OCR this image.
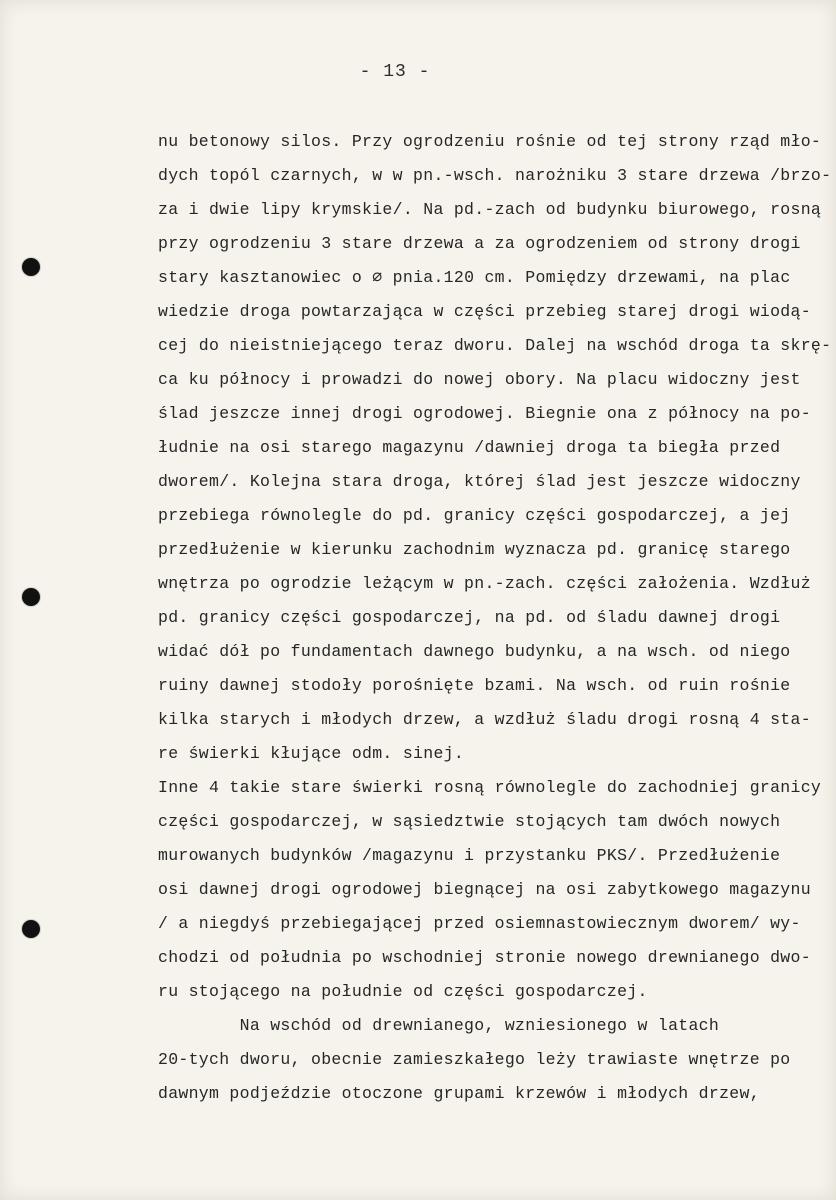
- 13 -
nu betonowy silos. Przy ogrodzeniu rośnie od tej strony rząd mło-
dych topól czarnych, w w pn.-wsch. narożniku 3 stare drzewa /brzo-
za i dwie lipy krymskie/. Na pd.-zach od budynku biurowego, rosną
przy ogrodzeniu 3 stare drzewa a za ogrodzeniem od strony drogi
stary kasztanowiec o ∅ pnia.120 cm. Pomiędzy drzewami, na plac
wiedzie droga powtarzająca w części przebieg starej drogi wiodą-
cej do nieistniejącego teraz dworu. Dalej na wschód droga ta skrę-
ca ku północy i prowadzi do nowej obory. Na placu widoczny jest
ślad jeszcze innej drogi ogrodowej. Biegnie ona z północy na po-
łudnie na osi starego magazynu /dawniej droga ta biegła przed
dworem/. Kolejna stara droga, której ślad jest jeszcze widoczny
przebiega równolegle do pd. granicy części gospodarczej, a jej
przedłużenie w kierunku zachodnim wyznacza pd. granicę starego
wnętrza po ogrodzie leżącym w pn.-zach. części założenia. Wzdłuż
pd. granicy części gospodarczej, na pd. od śladu dawnej drogi
widać dół po fundamentach dawnego budynku, a na wsch. od niego
ruiny dawnej stodoły porośnięte bzami. Na wsch. od ruin rośnie
kilka starych i młodych drzew, a wzdłuż śladu drogi rosną 4 sta-
re świerki kłujące odm. sinej.
Inne 4 takie stare świerki rosną równolegle do zachodniej granicy
części gospodarczej, w sąsiedztwie stojących tam dwóch nowych
murowanych budynków /magazynu i przystanku PKS/. Przedłużenie
osi dawnej drogi ogrodowej biegnącej na osi zabytkowego magazynu
/ a niegdyś przebiegającej przed osiemnastowiecznym dworem/ wy-
chodzi od południa po wschodniej stronie nowego drewnianego dwo-
ru stojącego na południe od części gospodarczej.
Na wschód od drewnianego, wzniesionego w latach
20-tych dworu, obecnie zamieszkałego leży trawiaste wnętrze po
dawnym podjeździe otoczone grupami krzewów i młodych drzew,
